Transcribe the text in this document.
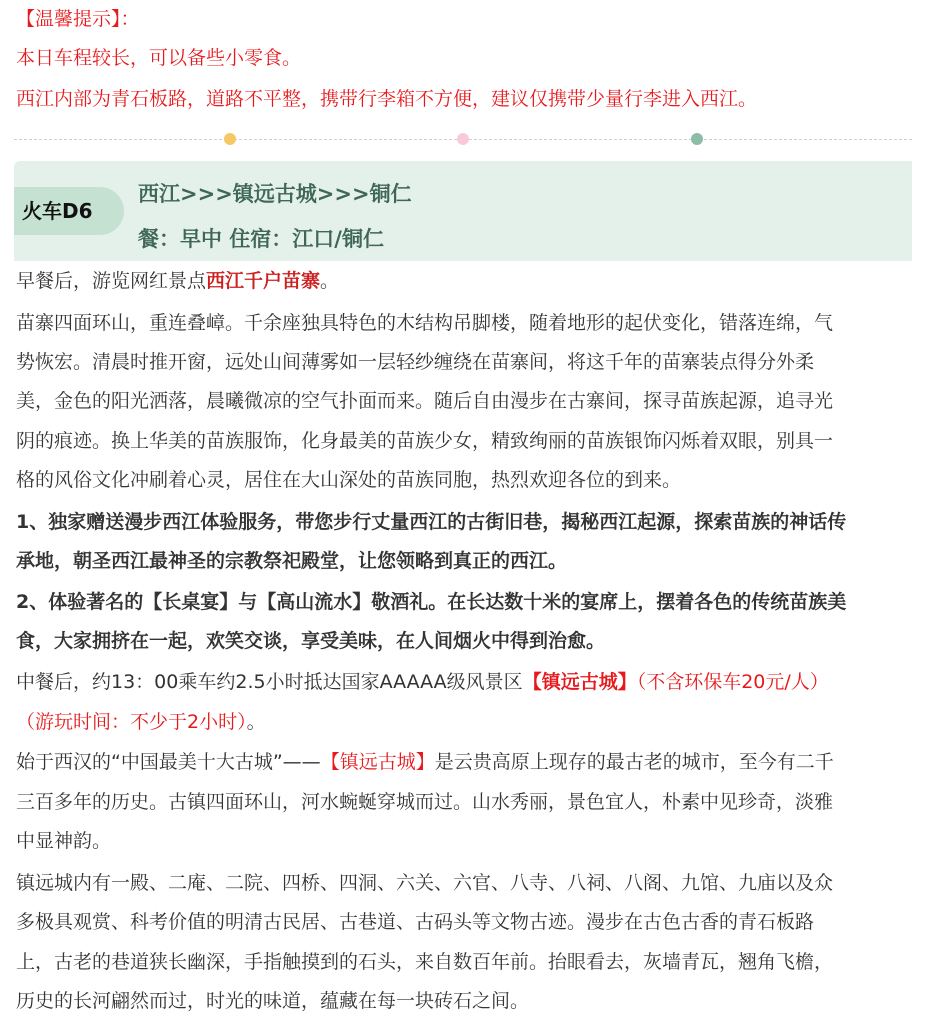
【温馨提示】：
本日车程较长，可以备些小零食。
西江内部为青石板路，道路不平整，携带行李箱不方便，建议仅携带少量行李进入西江。
火车D6
西江>>>镇远古城>>>铜仁
餐：早中 住宿：江口/铜仁
早餐后，游览网红景点西江千户苗寨。
苗寨四面环山，重连叠嶂。千余座独具特色的木结构吊脚楼，随着地形的起伏变化，错落连绵，气
势恢宏。清晨时推开窗，远处山间薄雾如一层轻纱缠绕在苗寨间，将这千年的苗寨装点得分外柔
美，金色的阳光洒落，晨曦微凉的空气扑面而来。随后自由漫步在古寨间，探寻苗族起源，追寻光
阴的痕迹。换上华美的苗族服饰，化身最美的苗族少女，精致绚丽的苗族银饰闪烁着双眼，别具一
格的风俗文化冲刷着心灵，居住在大山深处的苗族同胞，热烈欢迎各位的到来。
1、独家赠送漫步西江体验服务，带您步行丈量西江的古街旧巷，揭秘西江起源，探索苗族的神话传
承地，朝圣西江最神圣的宗教祭祀殿堂，让您领略到真正的西江。
2、体验著名的【长桌宴】与【高山流水】敬酒礼。在长达数十米的宴席上，摆着各色的传统苗族美
食，大家拥挤在一起，欢笑交谈，享受美味，在人间烟火中得到治愈。
中餐后，约13：00乘车约2.5小时抵达国家AAAAA级风景区【镇远古城】（不含环保车20元/人）
（游玩时间：不少于2小时）。
始于西汉的“中国最美十大古城”——【镇远古城】是云贵高原上现存的最古老的城市，至今有二千
三百多年的历史。古镇四面环山，河水蜿蜒穿城而过。山水秀丽，景色宜人，朴素中见珍奇，淡雅
中显神韵。
镇远城内有一殿、二庵、二院、四桥、四洞、六关、六官、八寺、八祠、八阁、九馆、九庙以及众
多极具观赏、科考价值的明清古民居、古巷道、古码头等文物古迹。漫步在古色古香的青石板路
上，古老的巷道狭长幽深，手指触摸到的石头，来自数百年前。抬眼看去，灰墙青瓦，翘角飞檐，
历史的长河翩然而过，时光的味道，蕴藏在每一块砖石之间。
